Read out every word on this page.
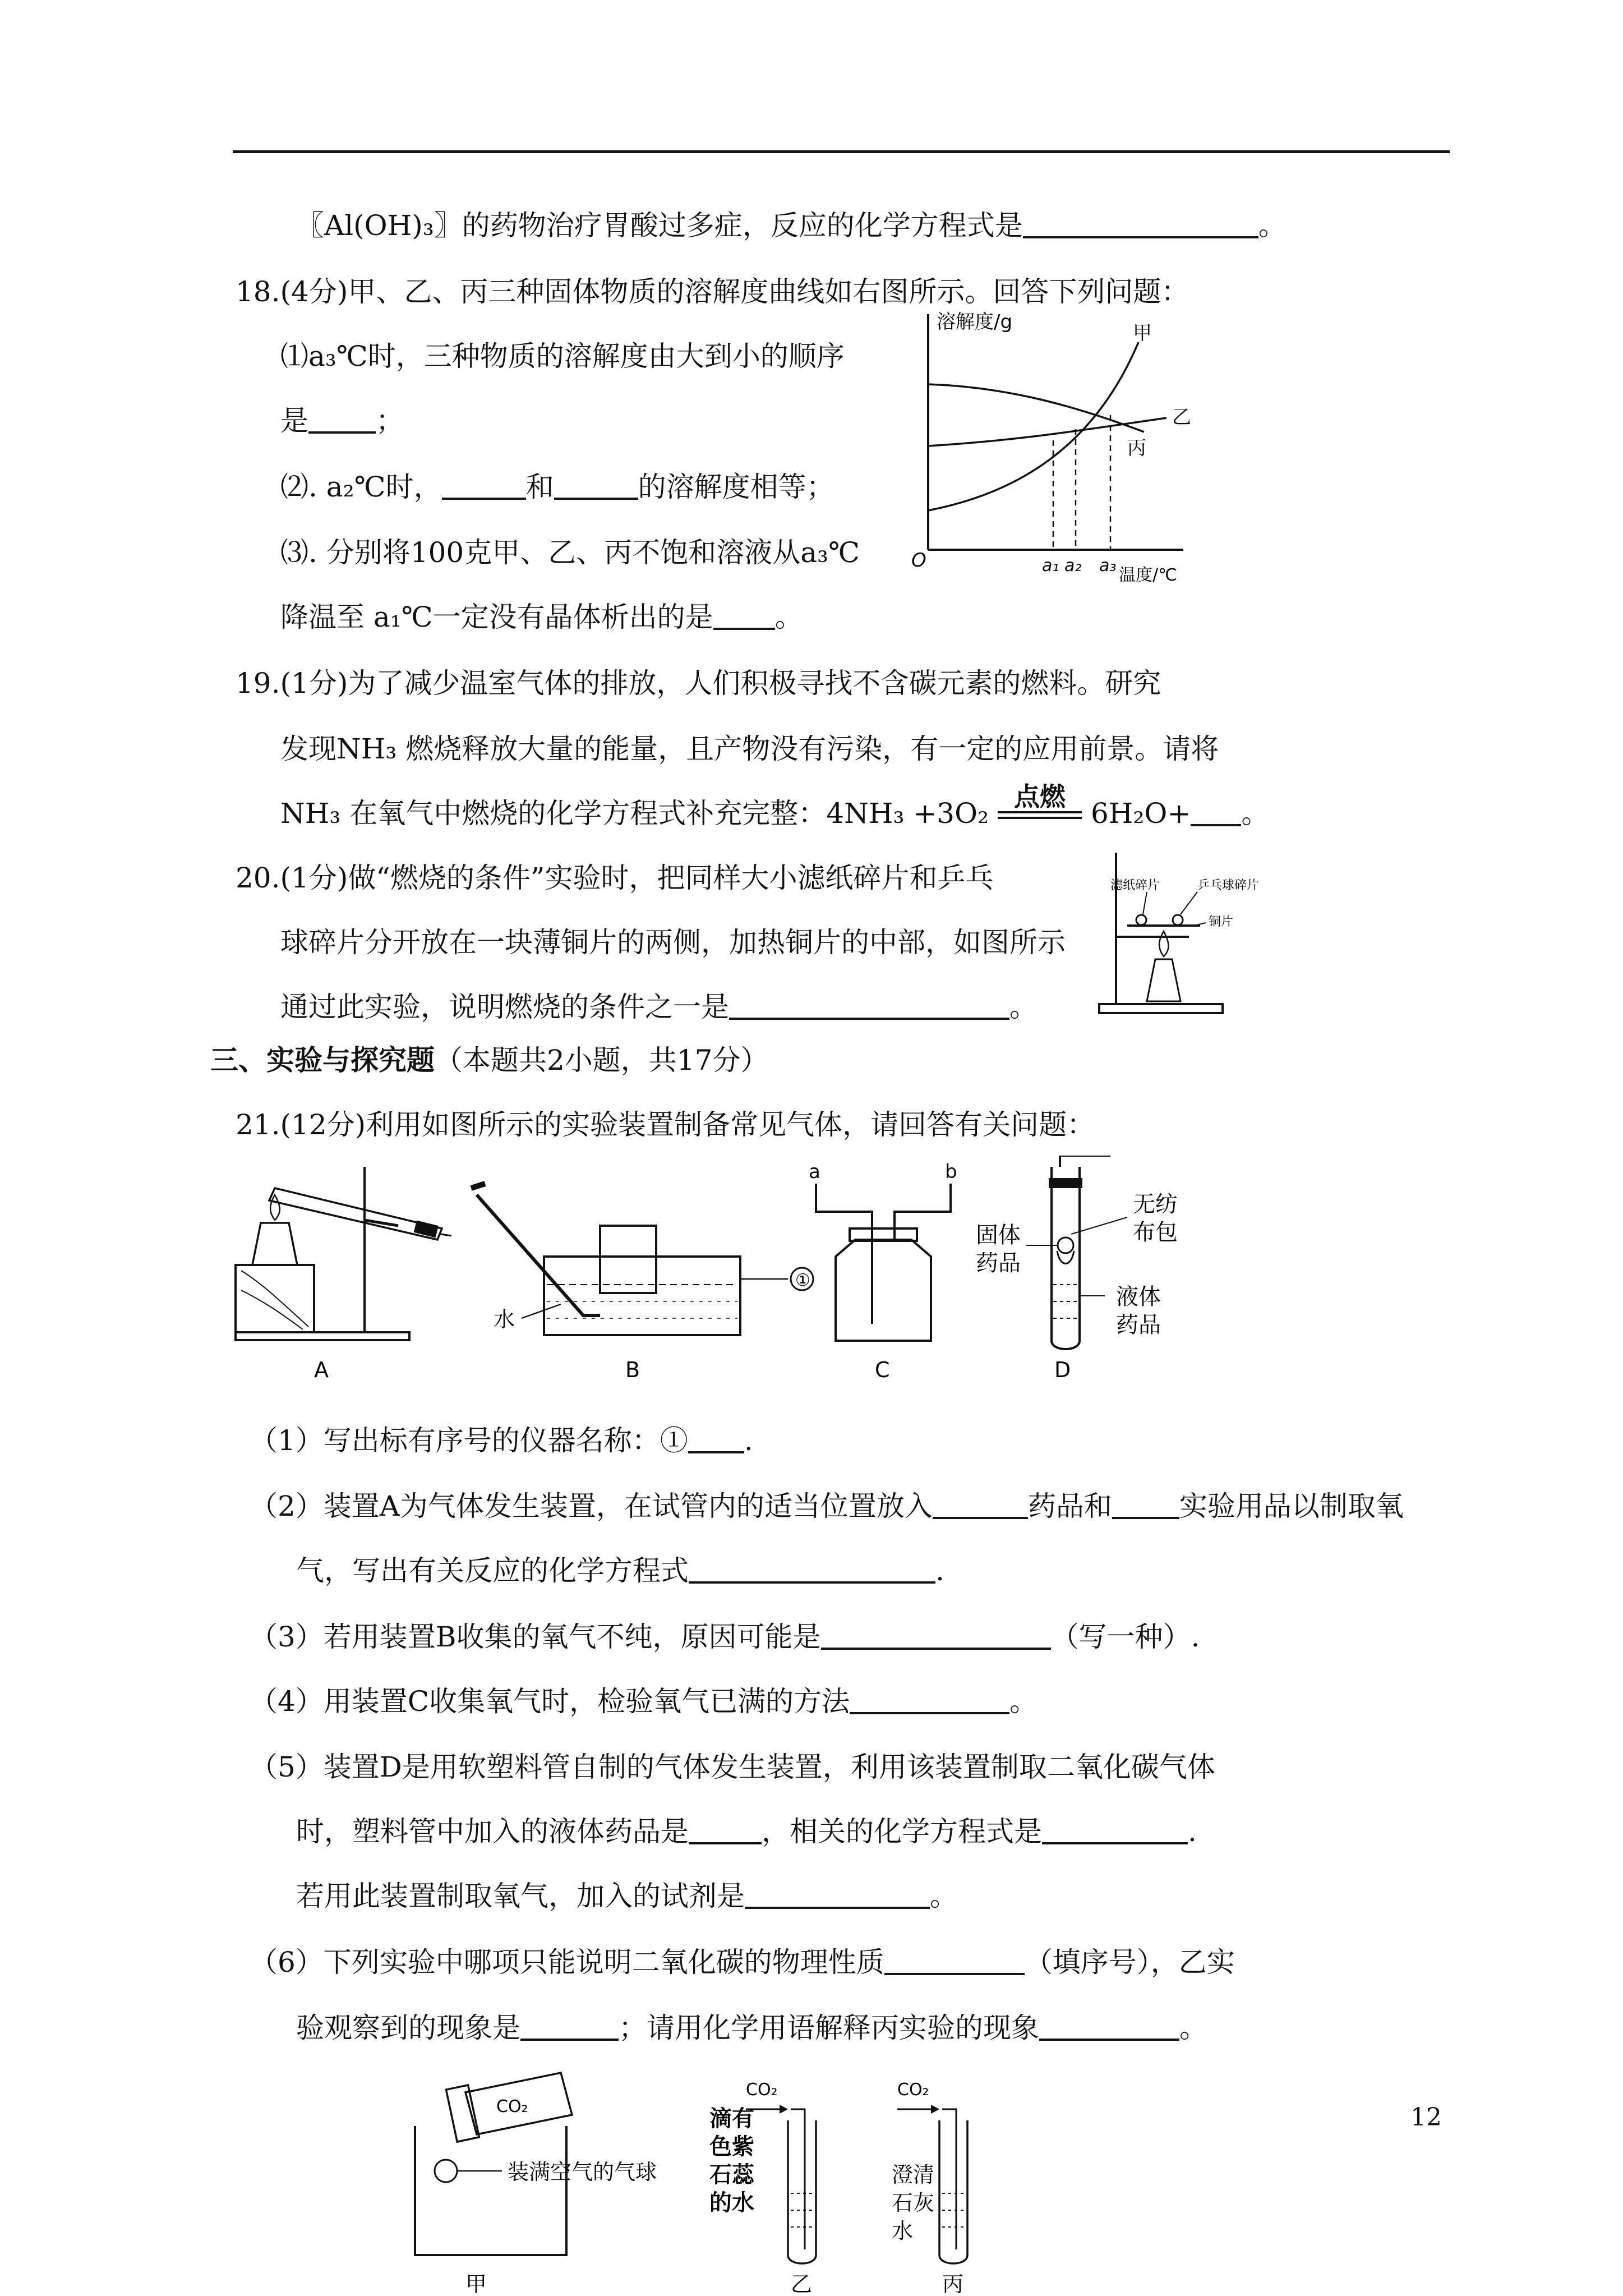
〖Al(OH)₃〗的药物治疗胃酸过多症，反应的化学方程式是	。
18.(4分)甲、乙、丙三种固体物质的溶解度曲线如右图所示。回答下列问题：
⑴a₃℃时，三种物质的溶解度由大到小的顺序
是 ；
⑵. a₂℃时，	和	的溶解度相等；
⑶. 分别将100克甲、乙、丙不饱和溶液从a₃℃
降温至 a₁℃一定没有晶体析出的是 。
溶解度/g
温度/℃
O
甲
乙
丙
a₁ a₂ a₃
19.(1分)为了减少温室气体的排放，人们积极寻找不含碳元素的燃料。研究
发现NH₃ 燃烧释放大量的能量，且产物没有污染，有一定的应用前景。请将
NH₃ 在氧气中燃烧的化学方程式补充完整：4NH₃ +3O₂
点燃
6H₂O+ 。
20.(1分)做“燃烧的条件”实验时，把同样大小滤纸碎片和乒乓
球碎片分开放在一块薄铜片的两侧，加热铜片的中部，如图所示
通过此实验，说明燃烧的条件之一是	。
滤纸碎片	乒乓球碎片
铜片
三、实验与探究题（本题共2小题，共17分）
21.(12分)利用如图所示的实验装置制备常见气体，请回答有关问题：
A
①
水
B
a	b
C
无纺
布包
固体
药品
液体
药品
D
（1）写出标有序号的仪器名称：① .
（2）装置A为气体发生装置，在试管内的适当位置放入	药品和 实验用品以制取氧
气，写出有关反应的化学方程式	.
（3）若用装置B收集的氧气不纯，原因可能是	（写一种）.
（4）用装置C收集氧气时，检验氧气已满的方法	。
（5）装置D是用软塑料管自制的气体发生装置，利用该装置制取二氧化碳气体
时，塑料管中加入的液体药品是	，相关的化学方程式是	.
若用此装置制取氧气，加入的试剂是	。
（6）下列实验中哪项只能说明二氧化碳的物理性质	（填序号），乙实
验观察到的现象是	；请用化学用语解释丙实验的现象	。
CO₂
装满空气的气球
甲
CO₂
滴有
色紫
石蕊
的水
乙
CO₂
澄清
石灰
水
丙
12
